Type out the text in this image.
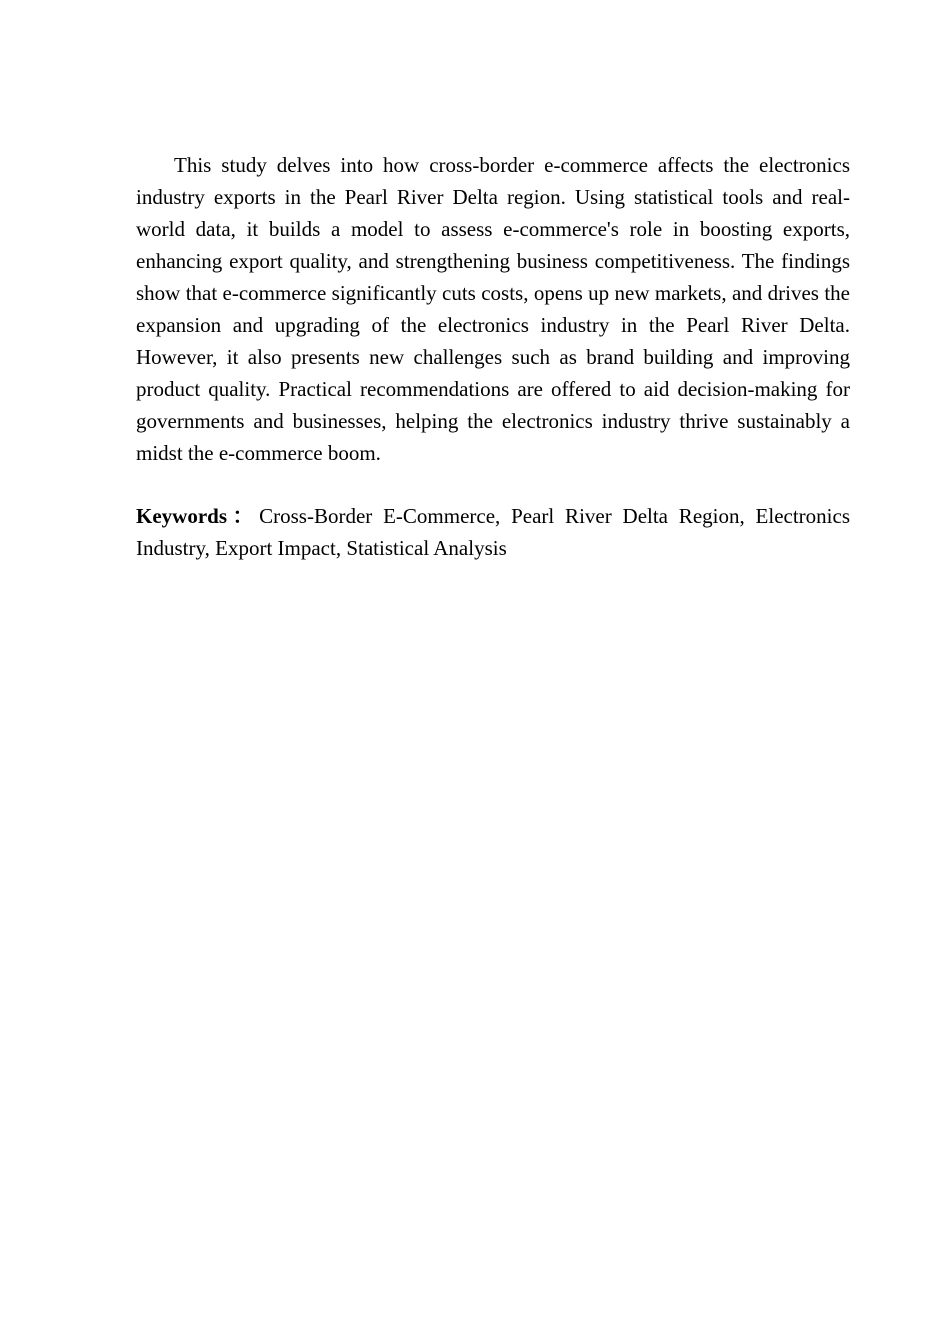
This study delves into how cross-border e-commerce affects the electronics industry exports in the Pearl River Delta region. Using statistical tools and real-world data, it builds a model to assess e-commerce's role in boosting exports, enhancing export quality, and strengthening business competitiveness. The findings show that e-commerce significantly cuts costs, opens up new markets, and drives the expansion and upgrading of the electronics industry in the Pearl River Delta. However, it also presents new challenges such as brand building and improving product quality. Practical recommendations are offered to aid decision-making for governments and businesses, helping the electronics industry thrive sustainably a midst the e-commerce boom.

Keywords：Cross-Border E-Commerce, Pearl River Delta Region, Electronics Industry, Export Impact, Statistical Analysis
